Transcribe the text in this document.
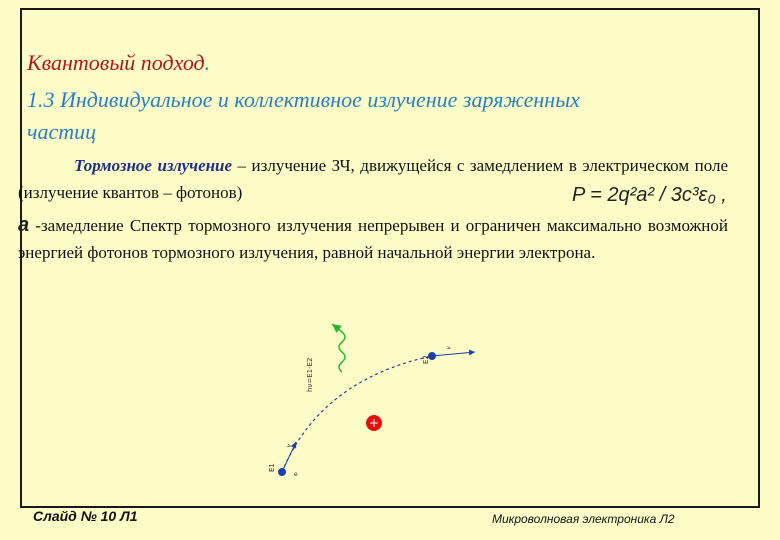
Квантовый подход.
1.3 Индивидуальное и коллективное излучение заряженных частиц

Тормозное излучение – излучение ЗЧ, движущейся с замедлением в электрическом поле (излучение квантов – фотонов)

a -замедление Спектр тормозного излучения непрерывен и ограничен максимально возможной энергией фотонов тормозного излучения, равной начальной энергии электрона.

P = 2q²a² / 3c³ε₀ ,
+
E1
E2
hν=E1-E2
v
v
e
Слайд № 10 Л1	Микроволновая электроника Л2
